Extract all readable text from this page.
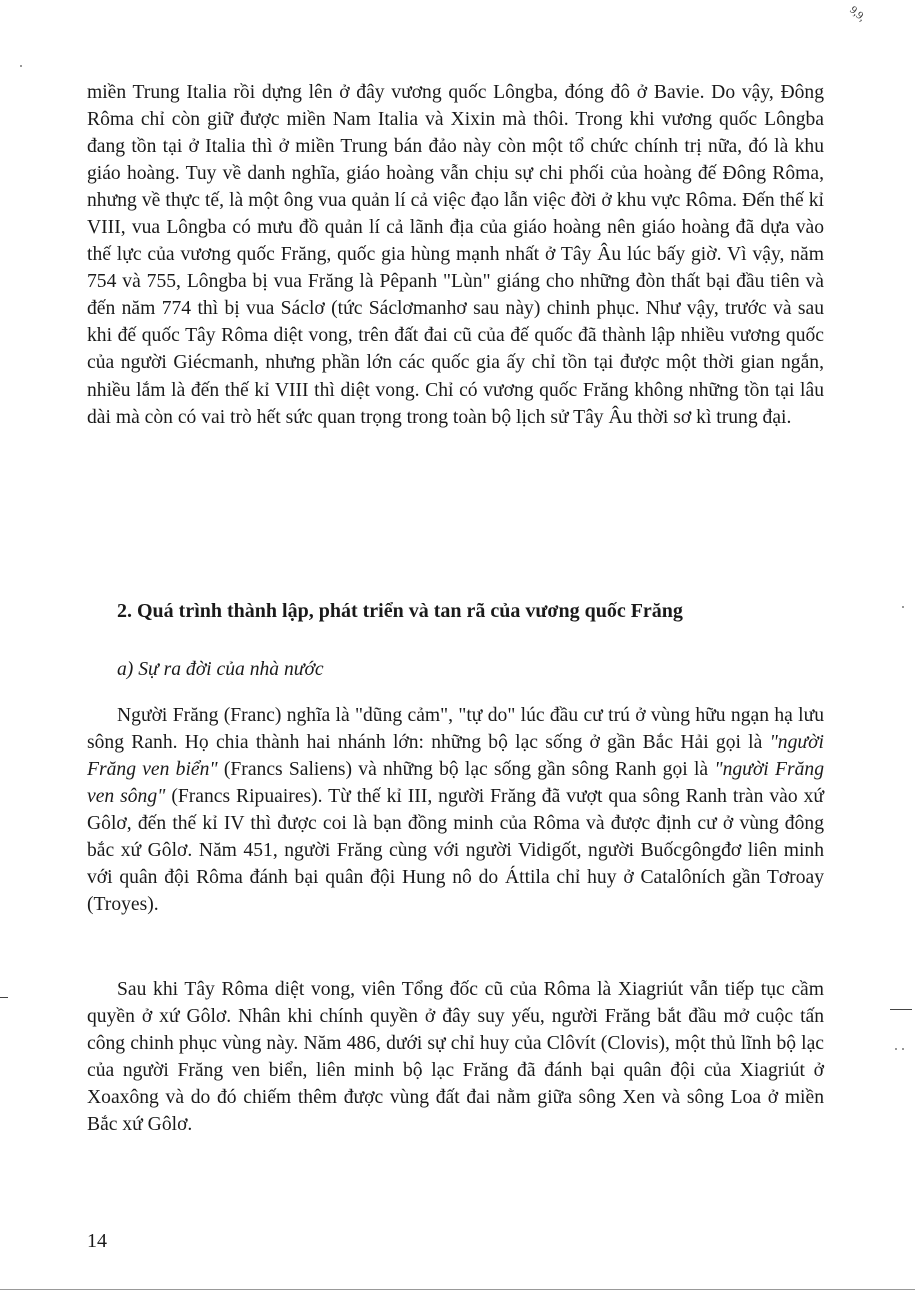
9,9,

miền Trung Italia rồi dựng lên ở đây vương quốc Lôngba, đóng đô ở Bavie. Do vậy, Đông Rôma chỉ còn giữ được miền Nam Italia và Xixin mà thôi. Trong khi vương quốc Lôngba đang tồn tại ở Italia thì ở miền Trung bán đảo này còn một tổ chức chính trị nữa, đó là khu giáo hoàng. Tuy về danh nghĩa, giáo hoàng vẫn chịu sự chi phối của hoàng đế Đông Rôma, nhưng về thực tế, là một ông vua quản lí cả việc đạo lẫn việc đời ở khu vực Rôma. Đến thế kỉ VIII, vua Lôngba có mưu đồ quản lí cả lãnh địa của giáo hoàng nên giáo hoàng đã dựa vào thế lực của vương quốc Frăng, quốc gia hùng mạnh nhất ở Tây Âu lúc bấy giờ. Vì vậy, năm 754 và 755, Lôngba bị vua Frăng là Pêpanh "Lùn" giáng cho những đòn thất bại đầu tiên và đến năm 774 thì bị vua Sáclơ (tức Sáclơmanhơ sau này) chinh phục. Như vậy, trước và sau khi đế quốc Tây Rôma diệt vong, trên đất đai cũ của đế quốc đã thành lập nhiều vương quốc của người Giécmanh, nhưng phần lớn các quốc gia ấy chỉ tồn tại được một thời gian ngắn, nhiều lắm là đến thế kỉ VIII thì diệt vong. Chỉ có vương quốc Frăng không những tồn tại lâu dài mà còn có vai trò hết sức quan trọng trong toàn bộ lịch sử Tây Âu thời sơ kì trung đại.

2. Quá trình thành lập, phát triển và tan rã của vương quốc Frăng

a) Sự ra đời của nhà nước

Người Frăng (Franc) nghĩa là "dũng cảm", "tự do" lúc đầu cư trú ở vùng hữu ngạn hạ lưu sông Ranh. Họ chia thành hai nhánh lớn: những bộ lạc sống ở gần Bắc Hải gọi là "người Frăng ven biển" (Francs Saliens) và những bộ lạc sống gần sông Ranh gọi là "người Frăng ven sông" (Francs Ripuaires). Từ thế kỉ III, người Frăng đã vượt qua sông Ranh tràn vào xứ Gôlơ, đến thế kỉ IV thì được coi là bạn đồng minh của Rôma và được định cư ở vùng đông bắc xứ Gôlơ. Năm 451, người Frăng cùng với người Vidigốt, người Buốcgôngđơ liên minh với quân đội Rôma đánh bại quân đội Hung nô do Áttila chỉ huy ở Catalôních gần Tơroay (Troyes).

Sau khi Tây Rôma diệt vong, viên Tổng đốc cũ của Rôma là Xiagriút vẫn tiếp tục cầm quyền ở xứ Gôlơ. Nhân khi chính quyền ở đây suy yếu, người Frăng bắt đầu mở cuộc tấn công chinh phục vùng này. Năm 486, dưới sự chỉ huy của Clôvít (Clovis), một thủ lĩnh bộ lạc của người Frăng ven biển, liên minh bộ lạc Frăng đã đánh bại quân đội của Xiagriút ở Xoaxông và do đó chiếm thêm được vùng đất đai nằm giữa sông Xen và sông Loa ở miền Bắc xứ Gôlơ.

14
